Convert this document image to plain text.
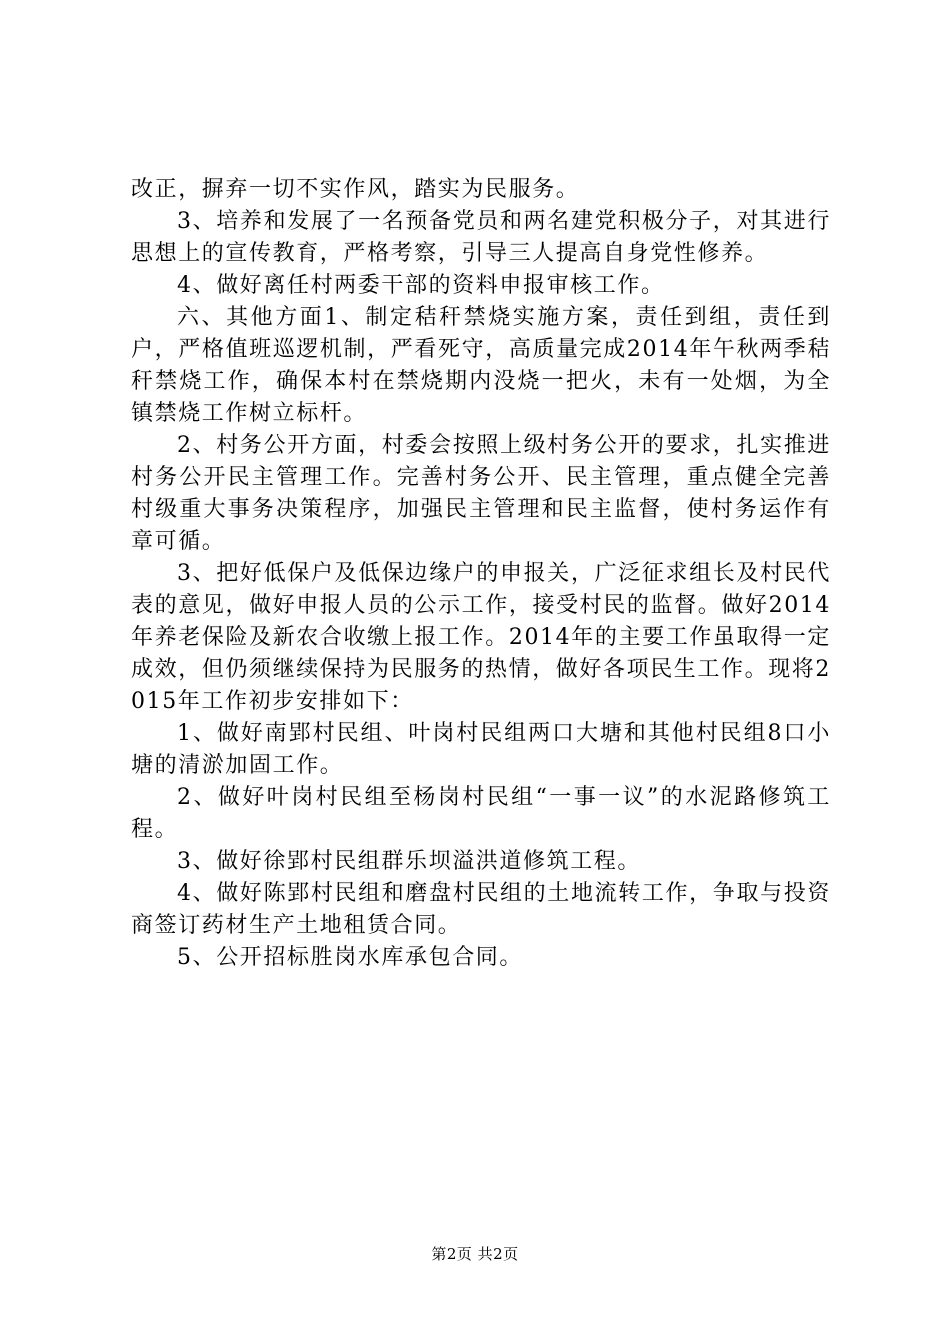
改正，摒弃一切不实作风，踏实为民服务。

3、培养和发展了一名预备党员和两名建党积极分子，对其进行思想上的宣传教育，严格考察，引导三人提高自身党性修养。

4、做好离任村两委干部的资料申报审核工作。

六、其他方面1、制定秸秆禁烧实施方案，责任到组，责任到户，严格值班巡逻机制，严看死守，高质量完成2014年午秋两季秸秆禁烧工作，确保本村在禁烧期内没烧一把火，未有一处烟，为全镇禁烧工作树立标杆。

2、村务公开方面，村委会按照上级村务公开的要求，扎实推进村务公开民主管理工作。完善村务公开、民主管理，重点健全完善村级重大事务决策程序，加强民主管理和民主监督，使村务运作有章可循。

3、把好低保户及低保边缘户的申报关，广泛征求组长及村民代表的意见，做好申报人员的公示工作，接受村民的监督。做好2014年养老保险及新农合收缴上报工作。2014年的主要工作虽取得一定成效，但仍须继续保持为民服务的热情，做好各项民生工作。现将2015年工作初步安排如下：

1、做好南郢村民组、叶岗村民组两口大塘和其他村民组8口小塘的清淤加固工作。

2、做好叶岗村民组至杨岗村民组“一事一议”的水泥路修筑工程。

3、做好徐郢村民组群乐坝溢洪道修筑工程。

4、做好陈郢村民组和磨盘村民组的土地流转工作，争取与投资商签订药材生产土地租赁合同。

5、公开招标胜岗水库承包合同。

第2页 共2页
